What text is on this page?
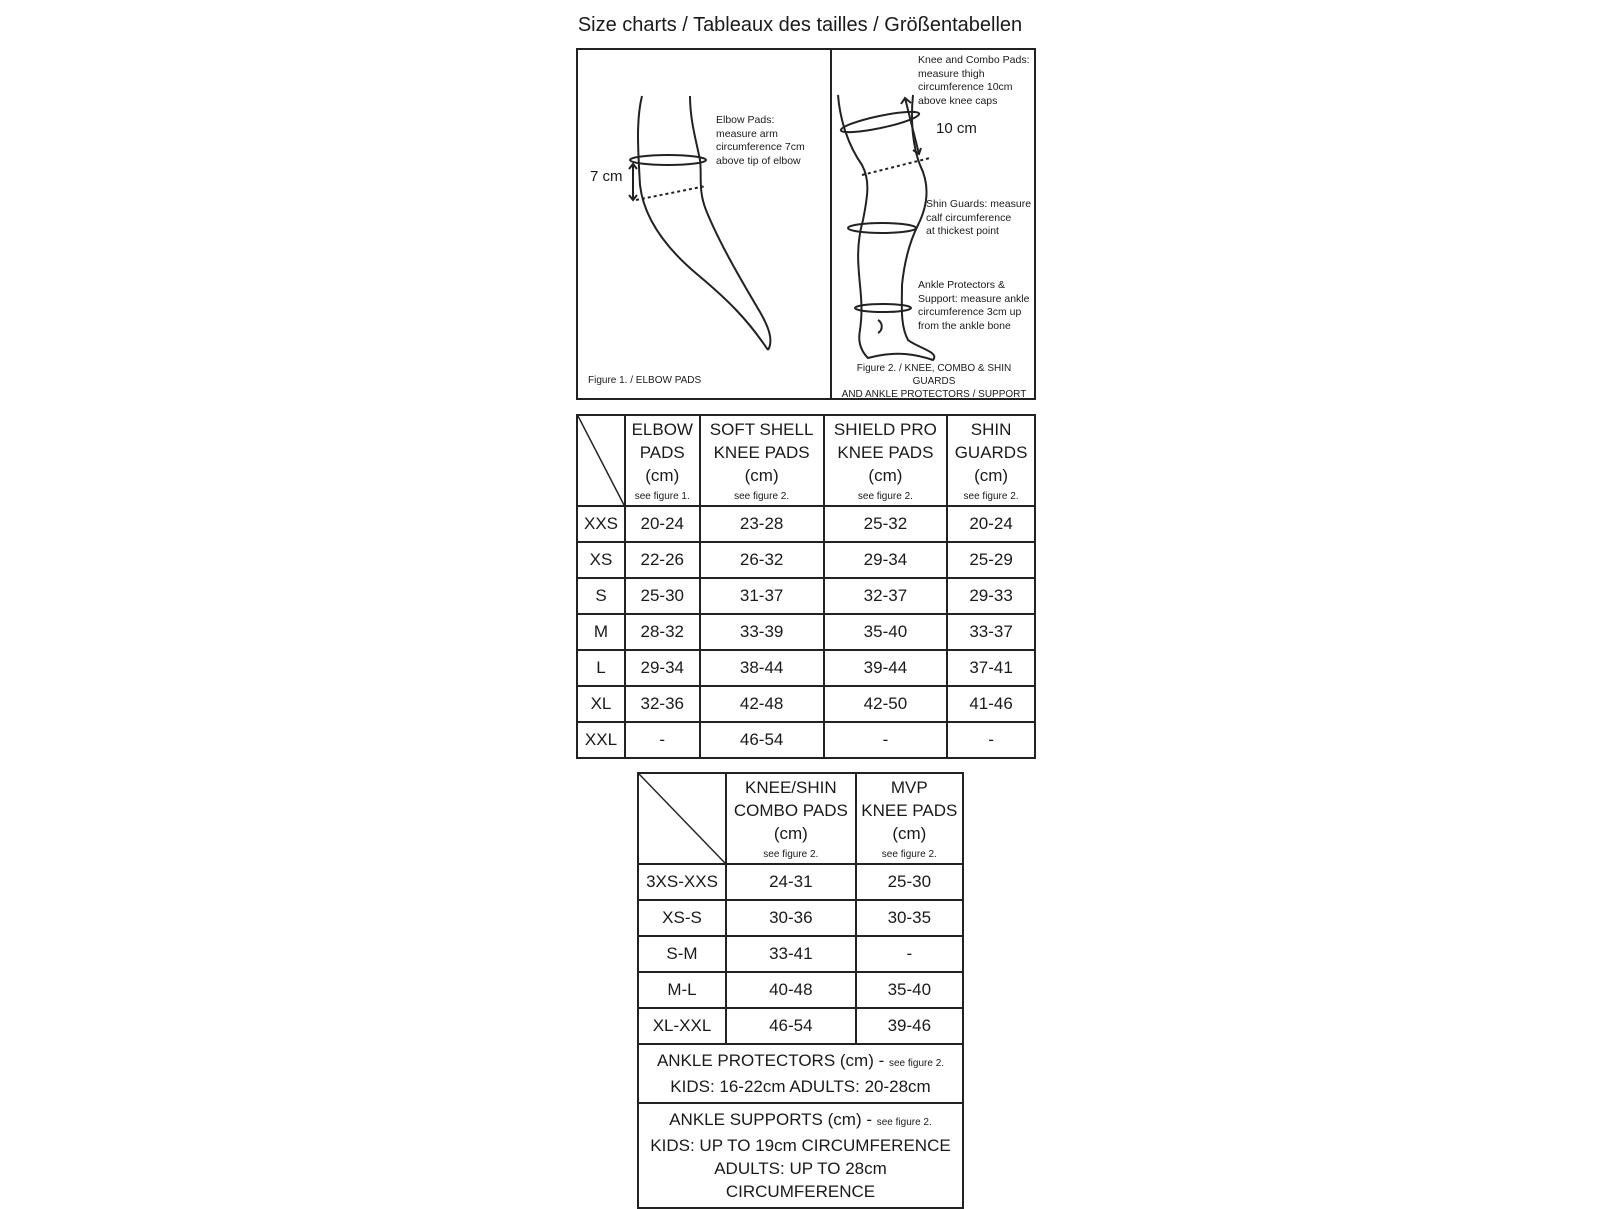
Size charts / Tableaux des tailles / Größentabellen
7 cm
Elbow Pads:
measure arm
circumference 7cm
above tip of elbow
Figure 1. / ELBOW PADS
Knee and Combo Pads:
measure thigh
circumference 10cm
above knee caps
10 cm
Shin Guards: measure
calf circumference
at thickest point
Ankle Protectors &
Support: measure ankle
circumference 3cm up
from the ankle bone
Figure 2. / KNEE, COMBO & SHIN GUARDS
AND ANKLE PROTECTORS / SUPPORT
	ELBOW
PADS
(cm)
see figure 1.	SOFT SHELL
KNEE PADS
(cm)
see figure 2.	SHIELD PRO
KNEE PADS
(cm)
see figure 2.	SHIN
GUARDS
(cm)
see figure 2.

XXS	20-24	23-28	25-32	20-24
XS	22-26	26-32	29-34	25-29
S	25-30	31-37	32-37	29-33
M	28-32	33-39	35-40	33-37
L	29-34	38-44	39-44	37-41
XL	32-36	42-48	42-50	41-46
XXL	-	46-54	-	-
	KNEE/SHIN
COMBO PADS
(cm)
see figure 2.	MVP
KNEE PADS
(cm)
see figure 2.

3XS-XXS	24-31	25-30
XS-S	30-36	30-35
S-M	33-41	-
M-L	40-48	35-40
XL-XXL	46-54	39-46
ANKLE PROTECTORS (cm) - see figure 2.
KIDS: 16-22cm ADULTS: 20-28cm		
ANKLE SUPPORTS (cm) - see figure 2.
KIDS: UP TO 19cm CIRCUMFERENCE
ADULTS: UP TO 28cm CIRCUMFERENCE		
